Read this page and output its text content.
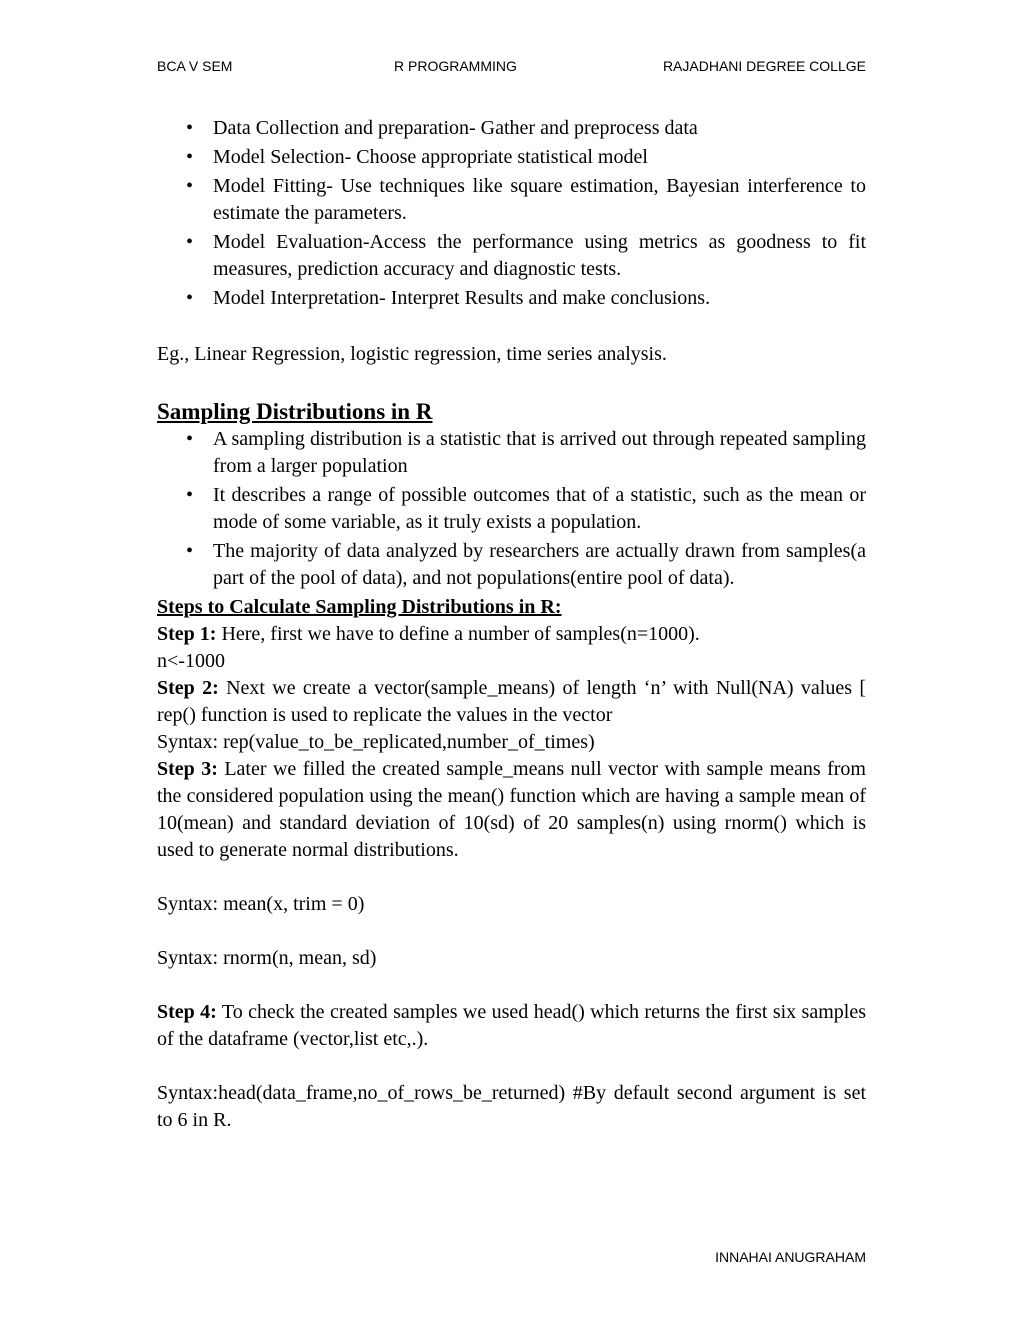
BCA V SEM	R PROGRAMMING	RAJADHANI DEGREE COLLGE
• Data Collection and preparation- Gather and preprocess data
• Model Selection- Choose appropriate statistical model
• Model Fitting- Use techniques like square estimation, Bayesian interference to estimate the parameters.
• Model Evaluation-Access the performance using metrics as goodness to fit measures, prediction accuracy and diagnostic tests.
• Model Interpretation- Interpret Results and make conclusions.

Eg., Linear Regression, logistic regression, time series analysis.

Sampling Distributions in R
• A sampling distribution is a statistic that is arrived out through repeated sampling from a larger population
• It describes a range of possible outcomes that of a statistic, such as the mean or mode of some variable, as it truly exists a population.
• The majority of data analyzed by researchers are actually drawn from samples(a part of the pool of data), and not populations(entire pool of data).

Steps to Calculate Sampling Distributions in R:

Step 1: Here, first we have to define a number of samples(n=1000).

n<-1000

Step 2: Next we create a vector(sample_means) of length ‘n’ with Null(NA) values [ rep() function is used to replicate the values in the vector

Syntax: rep(value_to_be_replicated,number_of_times)

Step 3: Later we filled the created sample_means null vector with sample means from the considered population using the mean() function which are having a sample mean of 10(mean) and standard deviation of 10(sd) of 20 samples(n) using rnorm() which is used to generate normal distributions.

Syntax: mean(x, trim = 0)

Syntax: rnorm(n, mean, sd)

Step 4: To check the created samples we used head() which returns the first six samples of the dataframe (vector,list etc,.).

Syntax:head(data_frame,no_of_rows_be_returned) #By default second argument is set to 6 in R.

INNAHAI ANUGRAHAM
